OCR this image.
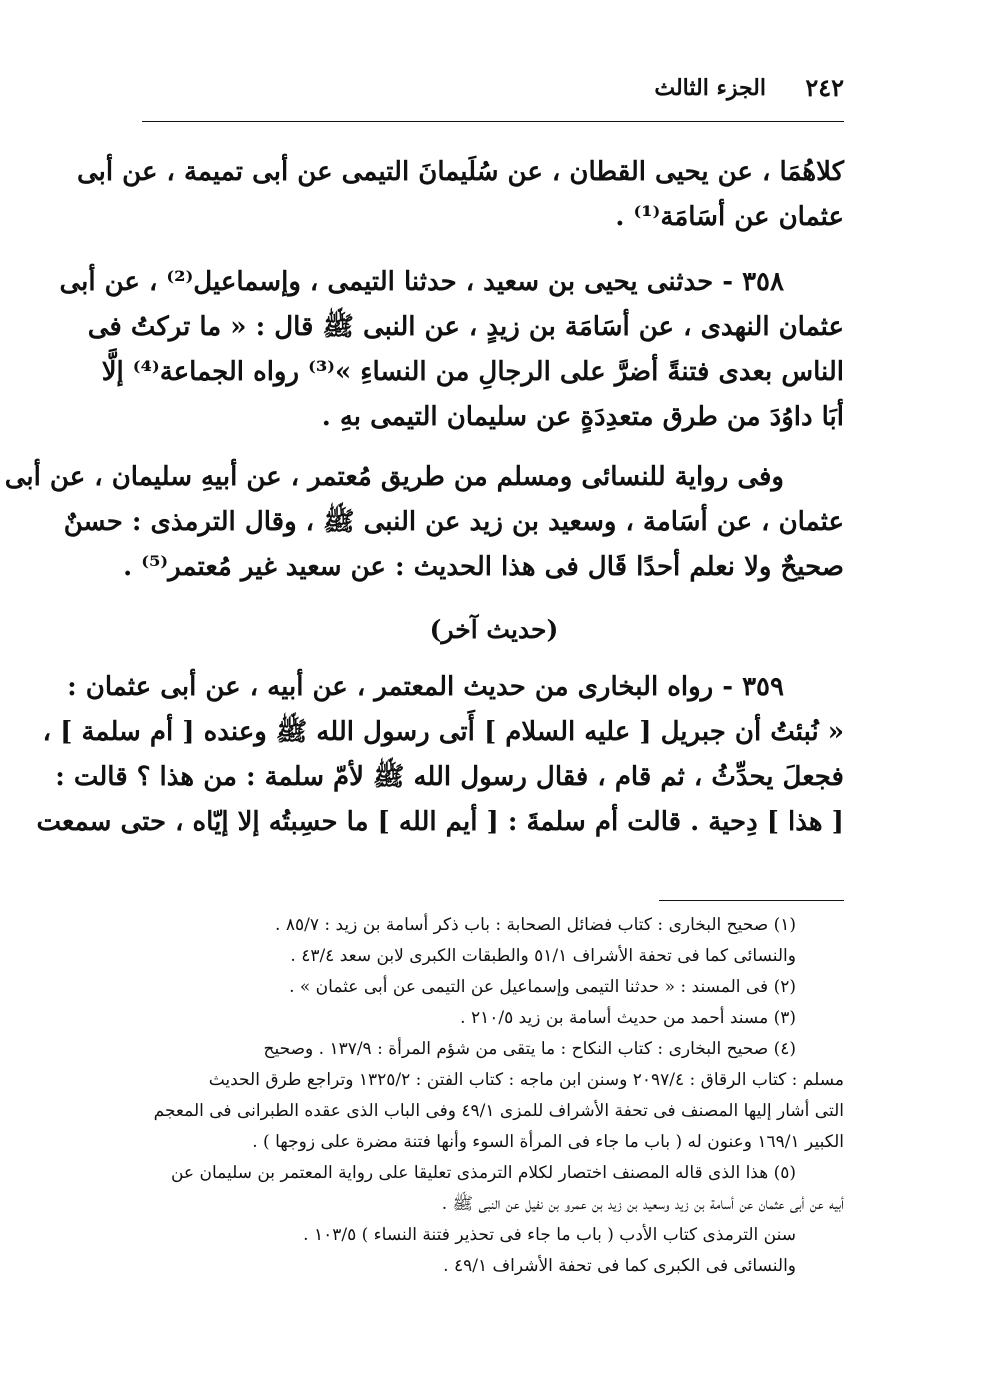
٢٤٢
الجزء الثالث
كلاهُمَا ، عن يحيى القطان ، عن سُلَيمانَ التيمى عن أبى تميمة ، عن أبى
عثمان عن أسَامَة⁽¹⁾ .
٣٥٨ - حدثنى يحيى بن سعيد ، حدثنا التيمى ، وإسماعيل⁽²⁾ ، عن أبى
عثمان النهدى ، عن أسَامَة بن زيدٍ ، عن النبى ﷺ قال : « ما تركتُ فى
الناس بعدى فتنةً أضرَّ على الرجالِ من النساءِ »⁽³⁾ رواه الجماعة⁽⁴⁾ إلَّا
أبَا داوُدَ من طرق متعدِدَةٍ عن سليمان التيمى بهِ .
وفى رواية للنسائى ومسلم من طريق مُعتمر ، عن أبيهِ سليمان ، عن أبى
عثمان ، عن أسَامة ، وسعيد بن زيد عن النبى ﷺ ، وقال الترمذى : حسنٌ
صحيحٌ ولا نعلم أحدًا قَال فى هذا الحديث : عن سعيد غير مُعتمر⁽⁵⁾ .
(حديث آخر)
٣٥٩ - رواه البخارى من حديث المعتمر ، عن أبيه ، عن أبى عثمان :
« نُبئتُ أن جبريل [ عليه السلام ] أَتى رسول الله ﷺ وعنده [ أم سلمة ] ،
فجعلَ يحدِّثُ ، ثم قام ، فقال رسول الله ﷺ لأمّ سلمة : من هذا ؟ قالت :
[ هذا ] دِحية . قالت أم سلمةَ : [ أيم الله ] ما حسِبتُه إلا إيّاه ، حتى سمعت
(١) صحيح البخارى : كتاب فضائل الصحابة : باب ذكر أسامة بن زيد : ٨٥/٧ .
والنسائى كما فى تحفة الأشراف ٥١/١ والطبقات الكبرى لابن سعد ٤٣/٤ .
(٢) فى المسند : « حدثنا التيمى وإسماعيل عن التيمى عن أبى عثمان » .
(٣) مسند أحمد من حديث أسامة بن زيد ٢١٠/٥ .
(٤) صحيح البخارى : كتاب النكاح : ما يتقى من شؤم المرأة : ١٣٧/٩ . وصحيح
مسلم : كتاب الرقاق : ٢٠٩٧/٤ وسنن ابن ماجه : كتاب الفتن : ١٣٢٥/٢ وتراجع طرق الحديث
التى أشار إليها المصنف فى تحفة الأشراف للمزى ٤٩/١ وفى الباب الذى عقده الطبرانى فى المعجم
الكبير ١٦٩/١ وعنون له ( باب ما جاء فى المرأة السوء وأنها فتنة مضرة على زوجها ) .
(٥) هذا الذى قاله المصنف اختصار لكلام الترمذى تعليقا على رواية المعتمر بن سليمان عن
أبيه عن أبى عثمان عن أسامة بن زيد وسعيد بن زيد بن عمرو بن نفيل عن النبى ﷺ .
سنن الترمذى كتاب الأدب ( باب ما جاء فى تحذير فتنة النساء ) ١٠٣/٥ .
والنسائى فى الكبرى كما فى تحفة الأشراف ٤٩/١ .
